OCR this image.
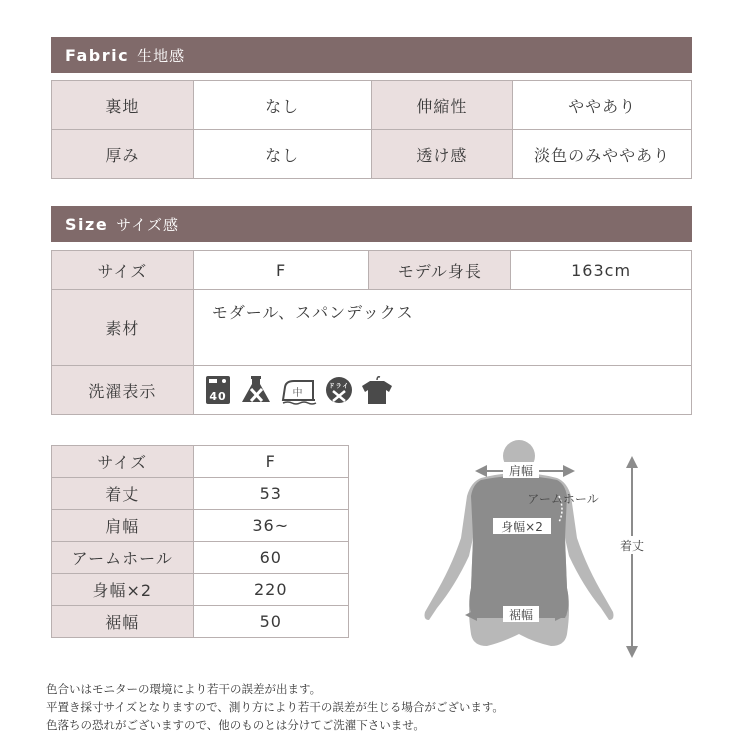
Fabric 生地感
裏地	なし	伸縮性	ややあり
厚み	なし	透け感	淡色のみややあり
Size サイズ感
サイズ	F	モデル身長	163cm
素材	モダール、スパンデックス		
洗濯表示	40 中
ドライ		
サイズ	F
着丈	53
肩幅	36~
アームホール	60
身幅×2	220
裾幅	50
肩幅
アームホール
身幅×2
裾幅
着丈
色合いはモニターの環境により若干の誤差が出ます。
平置き採寸サイズとなりますので、測り方により若干の誤差が生じる場合がございます。
色落ちの恐れがございますので、他のものとは分けてご洗濯下さいませ。
